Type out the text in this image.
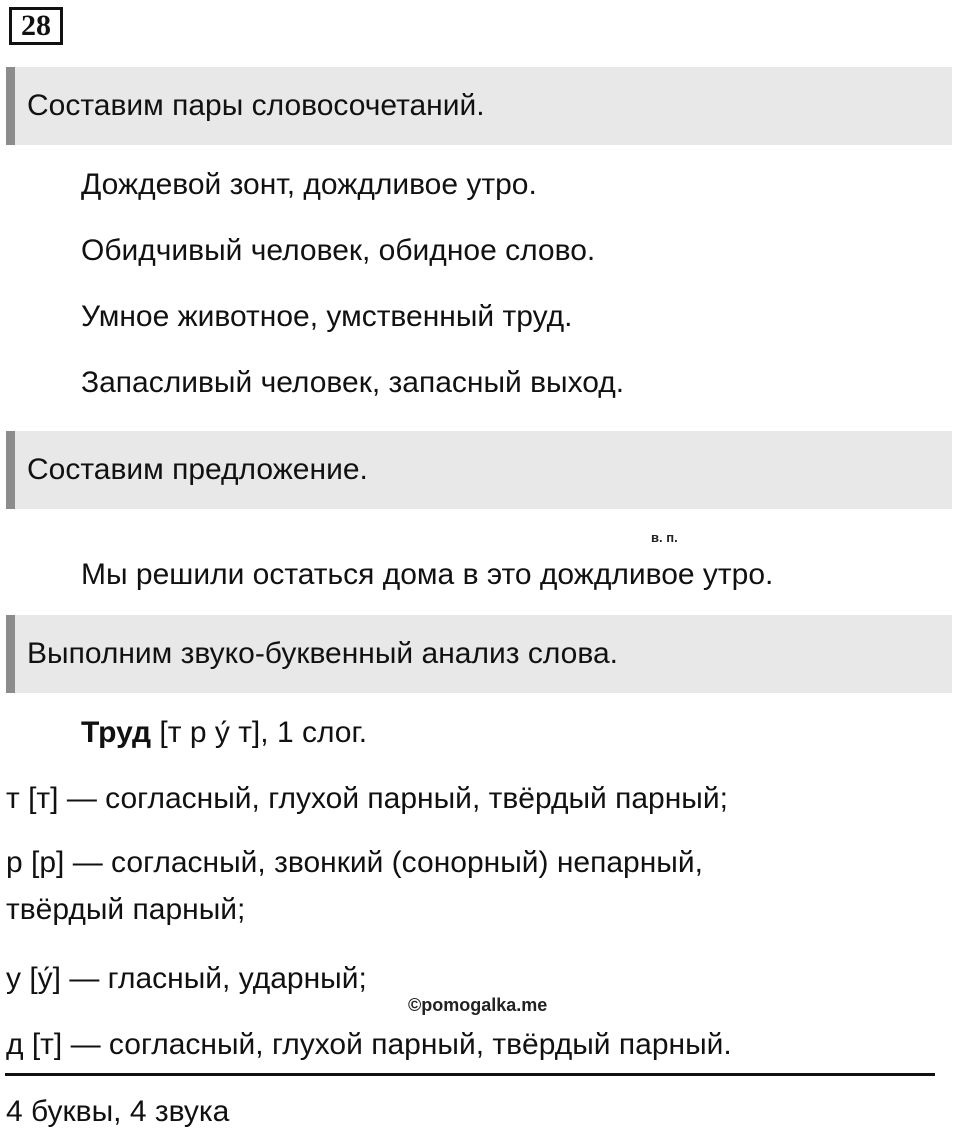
28
Составим пары словосочетаний.
Дождевой зонт, дождливое утро.
Обидчивый человек, обидное слово.
Умное животное, умственный труд.
Запасливый человек, запасный выход.
Составим предложение.
в. п.
Мы решили остаться дома в это дождливое утро.
Выполним звуко-буквенный анализ слова.
Труд [т р у́ т], 1 слог.
т [т] — согласный, глухой парный, твёрдый парный;
р [р] — согласный, звонкий (сонорный) непарный,
твёрдый парный;
у [у́] — гласный, ударный;
©pomogalka.me
д [т] — согласный, глухой парный, твёрдый парный.
4 буквы, 4 звука
